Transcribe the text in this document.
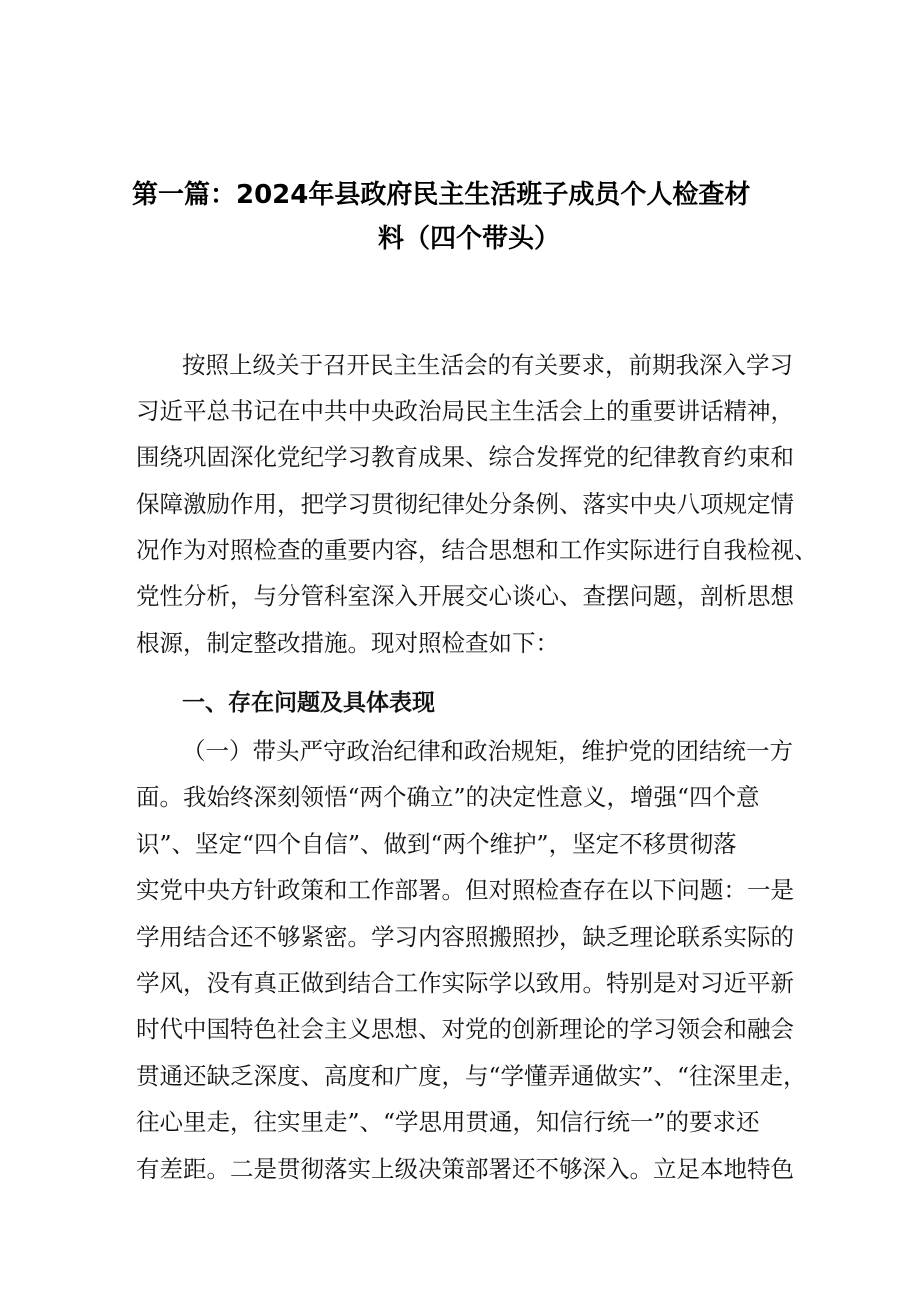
第一篇：2024年县政府民主生活班子成员个人检查材
料（四个带头）
按照上级关于召开民主生活会的有关要求，前期我深入学习
习近平总书记在中共中央政治局民主生活会上的重要讲话精神，
围绕巩固深化党纪学习教育成果、综合发挥党的纪律教育约束和
保障激励作用，把学习贯彻纪律处分条例、落实中央八项规定情
况作为对照检查的重要内容，结合思想和工作实际进行自我检视、
党性分析，与分管科室深入开展交心谈心、查摆问题，剖析思想
根源，制定整改措施。现对照检查如下：
一、存在问题及具体表现
（一）带头严守政治纪律和政治规矩，维护党的团结统一方
面。我始终深刻领悟“两个确立”的决定性意义，增强“四个意
识”、坚定“四个自信”、做到“两个维护”，坚定不移贯彻落
实党中央方针政策和工作部署。但对照检查存在以下问题：一是
学用结合还不够紧密。学习内容照搬照抄，缺乏理论联系实际的
学风，没有真正做到结合工作实际学以致用。特别是对习近平新
时代中国特色社会主义思想、对党的创新理论的学习领会和融会
贯通还缺乏深度、高度和广度，与“学懂弄通做实”、“往深里走，
往心里走，往实里走”、“学思用贯通，知信行统一”的要求还
有差距。二是贯彻落实上级决策部署还不够深入。立足本地特色
